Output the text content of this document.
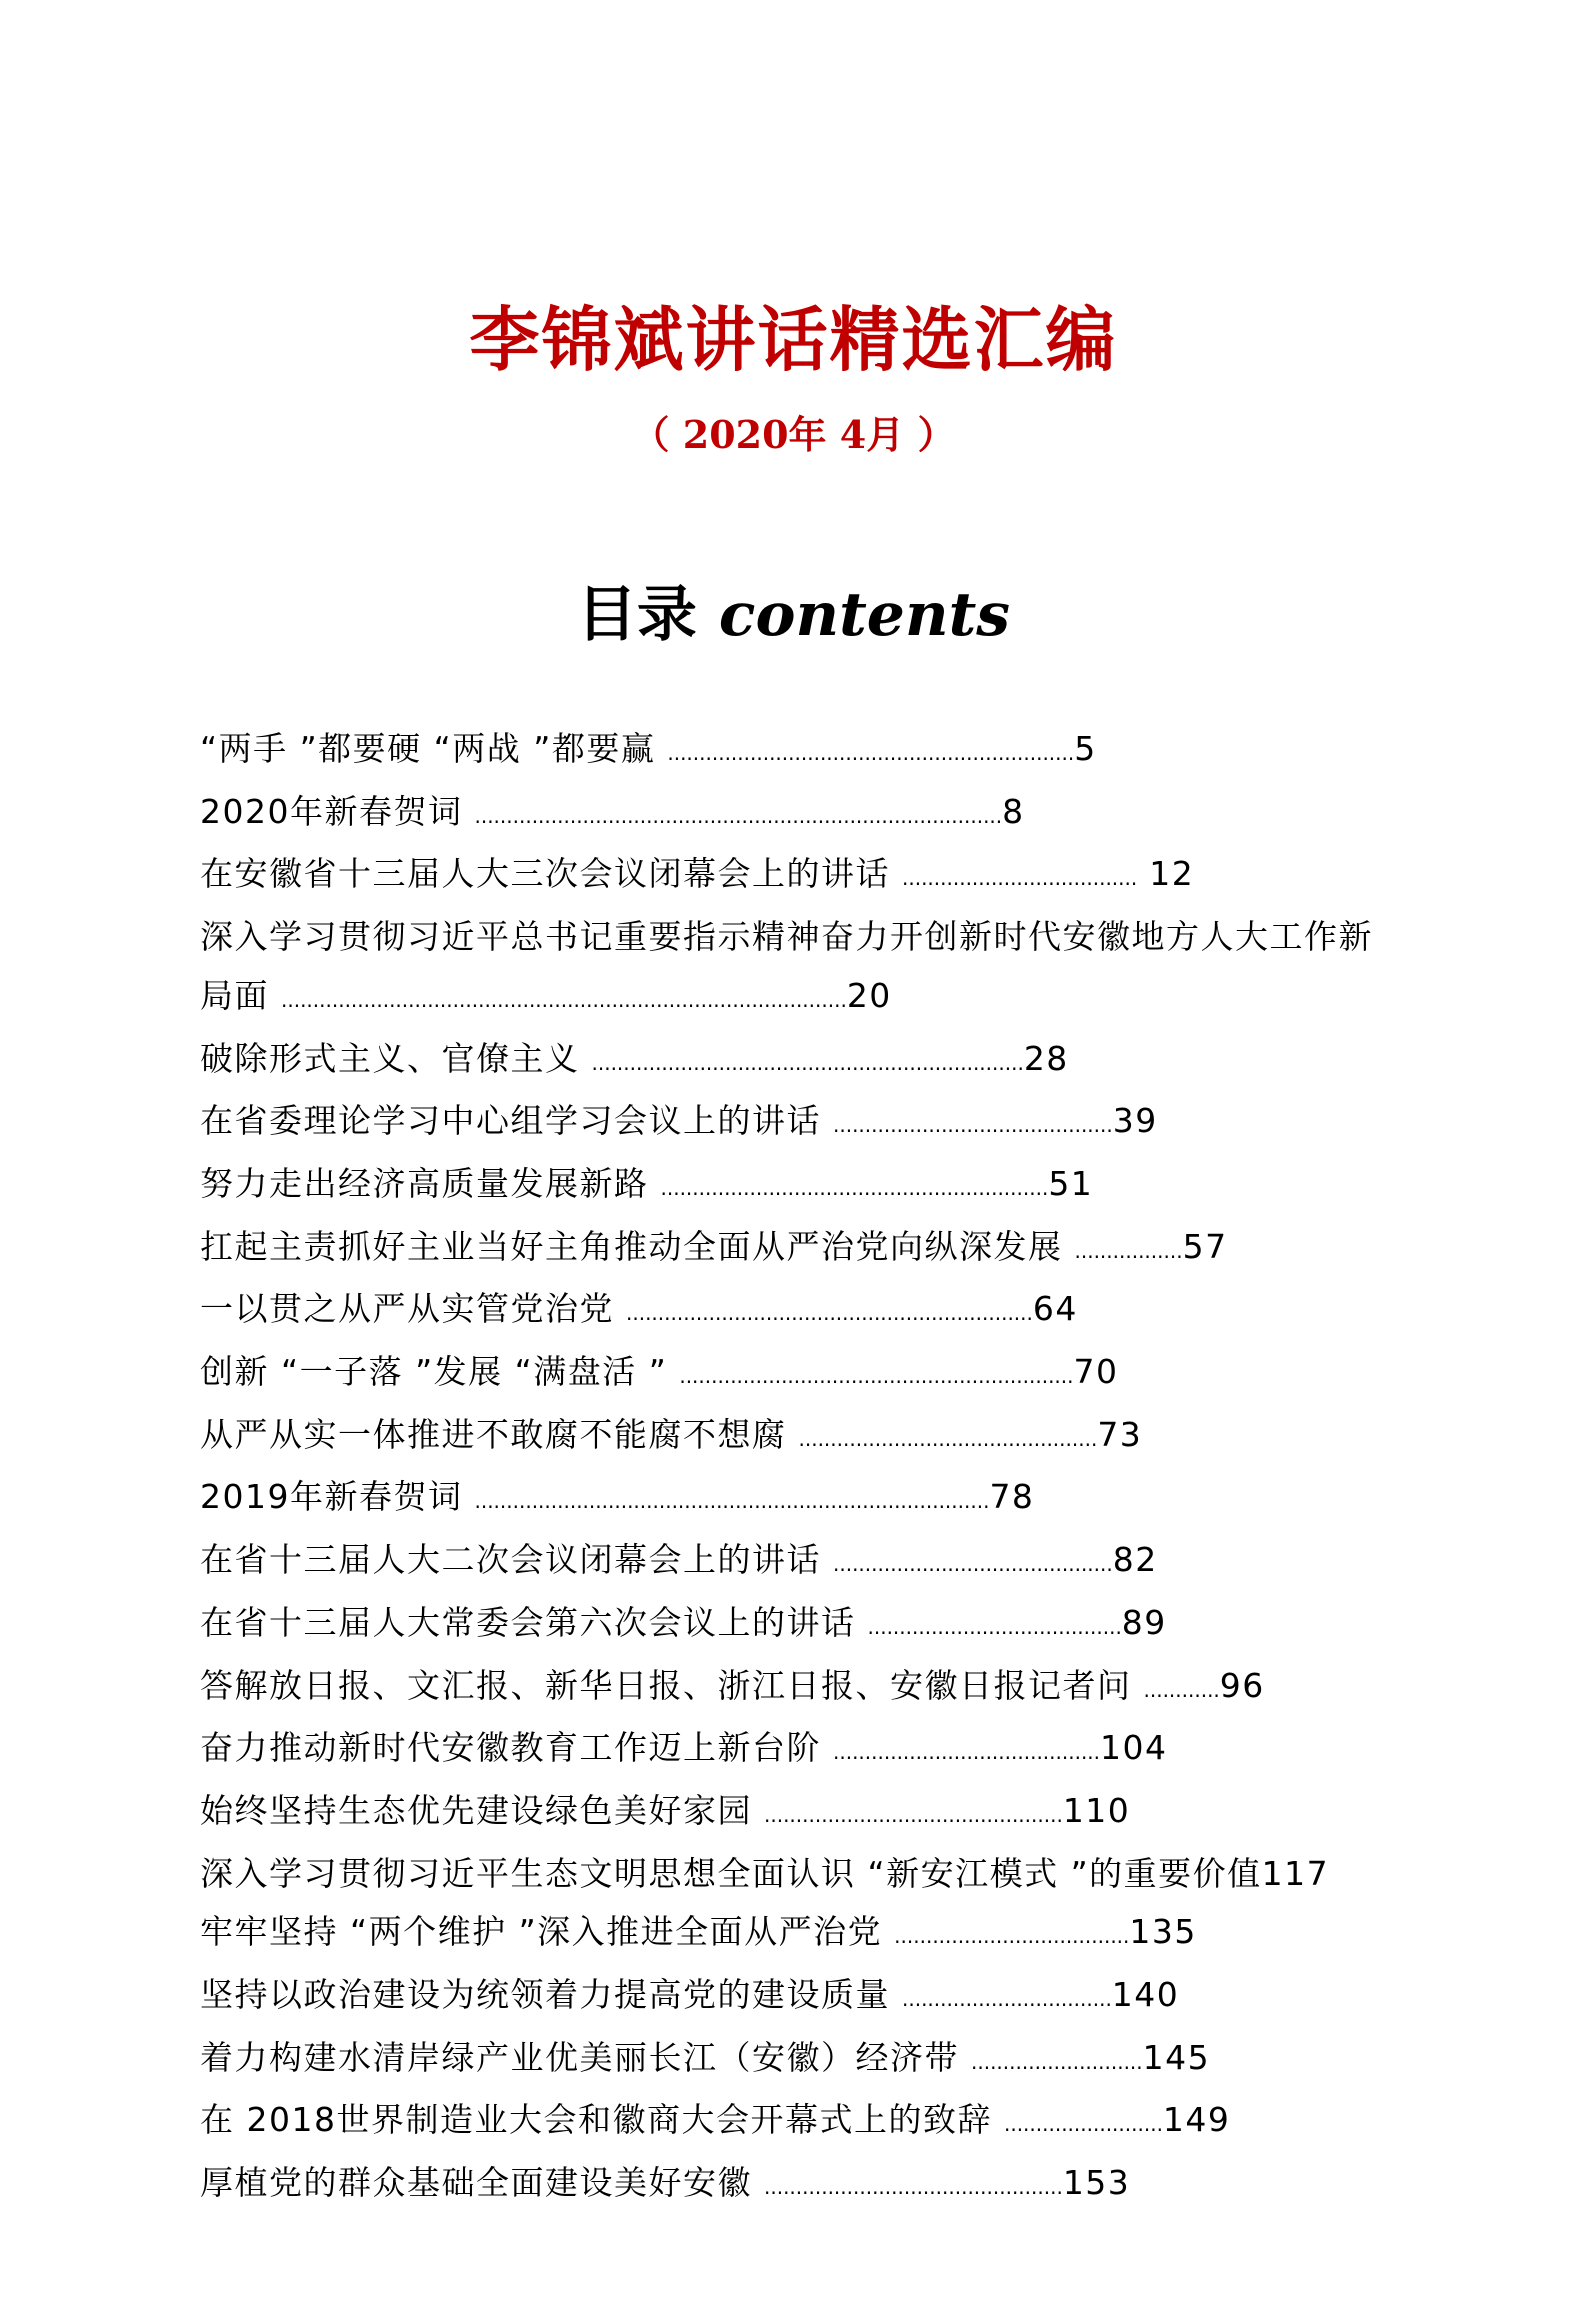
李锦斌讲话精选汇编
（ 2020年 4月 ）
目录 contents
“两手 ”都要硬 “两战 ”都要赢 ................................................................5
2020年新春贺词 ...................................................................................8
在安徽省十三届人大三次会议闭幕会上的讲话 ..................................... 12
深入学习贯彻习近平总书记重要指示精神奋力开创新时代安徽地方人大工作新局面 .........................................................................................20
破除形式主义、官僚主义 ....................................................................28
在省委理论学习中心组学习会议上的讲话 ............................................39
努力走出经济高质量发展新路 .............................................................51
扛起主责抓好主业当好主角推动全面从严治党向纵深发展 .................57
一以贯之从严从实管党治党 ................................................................64
创新 “一子落 ”发展 “满盘活 ” ..............................................................70
从严从实一体推进不敢腐不能腐不想腐 ...............................................73
2019年新春贺词 .................................................................................78
在省十三届人大二次会议闭幕会上的讲话 ............................................82
在省十三届人大常委会第六次会议上的讲话 ........................................89
答解放日报、文汇报、新华日报、浙江日报、安徽日报记者问 ............96
奋力推动新时代安徽教育工作迈上新台阶 ..........................................104
始终坚持生态优先建设绿色美好家园 ...............................................110
深入学习贯彻习近平生态文明思想全面认识 “新安江模式 ”的重要价值117
牢牢坚持 “两个维护 ”深入推进全面从严治党 .....................................135
坚持以政治建设为统领着力提高党的建设质量 .................................140
着力构建水清岸绿产业优美丽长江（安徽）经济带 ...........................145
在 2018世界制造业大会和徽商大会开幕式上的致辞 .........................149
厚植党的群众基础全面建设美好安徽 ...............................................153
